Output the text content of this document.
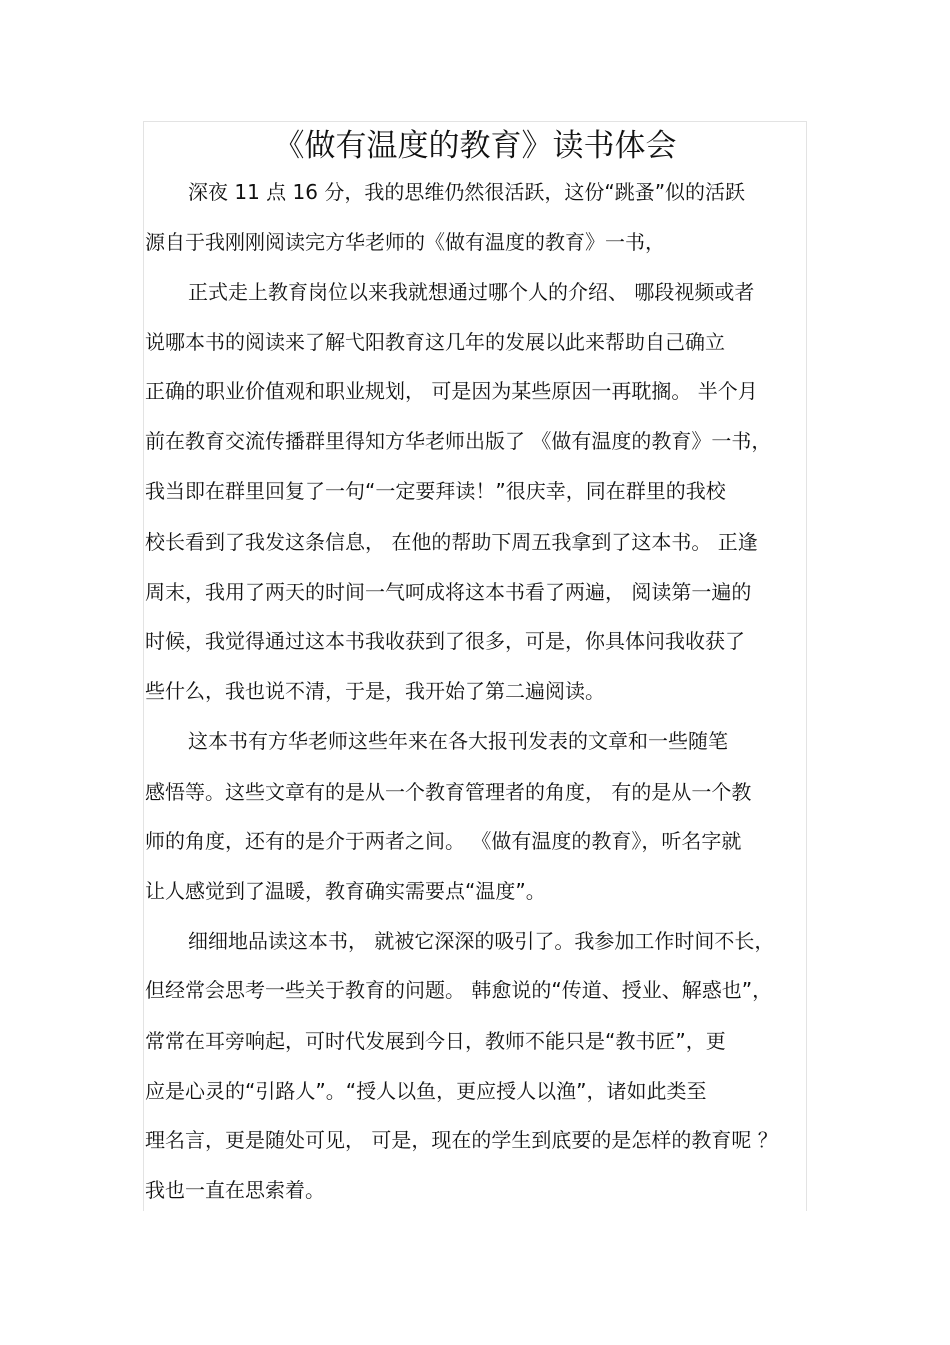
《做有温度的教育》读书体会
深夜 11 点 16 分，我的思维仍然很活跃，这份“跳蚤”似的活跃
源自于我刚刚阅读完方华老师的《做有温度的教育》一书，
正式走上教育岗位以来我就想通过哪个人的介绍、 哪段视频或者
说哪本书的阅读来了解弋阳教育这几年的发展以此来帮助自己确立
正确的职业价值观和职业规划， 可是因为某些原因一再耽搁。 半个月
前在教育交流传播群里得知方华老师出版了 《做有温度的教育》一书，
我当即在群里回复了一句“一定要拜读！”很庆幸，同在群里的我校
校长看到了我发这条信息， 在他的帮助下周五我拿到了这本书。 正逢
周末，我用了两天的时间一气呵成将这本书看了两遍， 阅读第一遍的
时候，我觉得通过这本书我收获到了很多，可是，你具体问我收获了
些什么，我也说不清，于是，我开始了第二遍阅读。
这本书有方华老师这些年来在各大报刊发表的文章和一些随笔
感悟等。这些文章有的是从一个教育管理者的角度， 有的是从一个教
师的角度，还有的是介于两者之间。 《做有温度的教育》，听名字就
让人感觉到了温暖，教育确实需要点“温度”。
细细地品读这本书， 就被它深深的吸引了。我参加工作时间不长，
但经常会思考一些关于教育的问题。 韩愈说的“传道、授业、解惑也”，
常常在耳旁响起，可时代发展到今日，教师不能只是“教书匠”，更
应是心灵的“引路人”。“授人以鱼，更应授人以渔”，诸如此类至
理名言，更是随处可见， 可是，现在的学生到底要的是怎样的教育呢 ？
我也一直在思索着。
